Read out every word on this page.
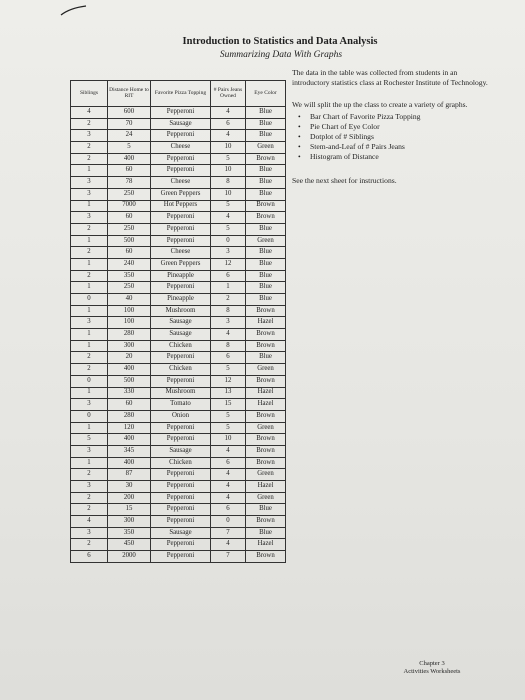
Introduction to Statistics and Data Analysis
Summarizing Data With Graphs
Siblings	Distance Home to RIT	Favorite Pizza Topping	# Pairs Jeans Owned	Eye Color
4	600	Pepperoni	4	Blue
2	70	Sausage	6	Blue
3	24	Pepperoni	4	Blue
2	5	Cheese	10	Green
2	400	Pepperoni	5	Brown
1	60	Pepperoni	10	Blue
3	78	Cheese	8	Blue
3	250	Green Peppers	10	Blue
1	7000	Hot Peppers	5	Brown
3	60	Pepperoni	4	Brown
2	250	Pepperoni	5	Blue
1	500	Pepperoni	0	Green
2	60	Cheese	3	Blue
1	240	Green Peppers	12	Blue
2	350	Pineapple	6	Blue
1	250	Pepperoni	1	Blue
0	40	Pineapple	2	Blue
1	100	Mushroom	8	Brown
3	100	Sausage	3	Hazel
1	280	Sausage	4	Brown
1	300	Chicken	8	Brown
2	20	Pepperoni	6	Blue
2	400	Chicken	5	Green
0	500	Pepperoni	12	Brown
1	330	Mushroom	13	Hazel
3	60	Tomato	15	Hazel
0	280	Onion	5	Brown
1	120	Pepperoni	5	Green
5	400	Pepperoni	10	Brown
3	345	Sausage	4	Brown
1	400	Chicken	6	Brown
2	87	Pepperoni	4	Green
3	30	Pepperoni	4	Hazel
2	200	Pepperoni	4	Green
2	15	Pepperoni	6	Blue
4	300	Pepperoni	0	Brown
3	350	Sausage	7	Blue
2	450	Pepperoni	4	Hazel
6	2000	Pepperoni	7	Brown

The data in the table was collected from students in an introductory statistics class at Rochester Institute of Technology.

We will split the up the class to create a variety of graphs.

• Bar Chart of Favorite Pizza Topping
• Pie Chart of Eye Color
• Dotplot of # Siblings
• Stem-and-Leaf of # Pairs Jeans
• Histogram of Distance

See the next sheet for instructions.

Chapter 3
Activities Worksheets
